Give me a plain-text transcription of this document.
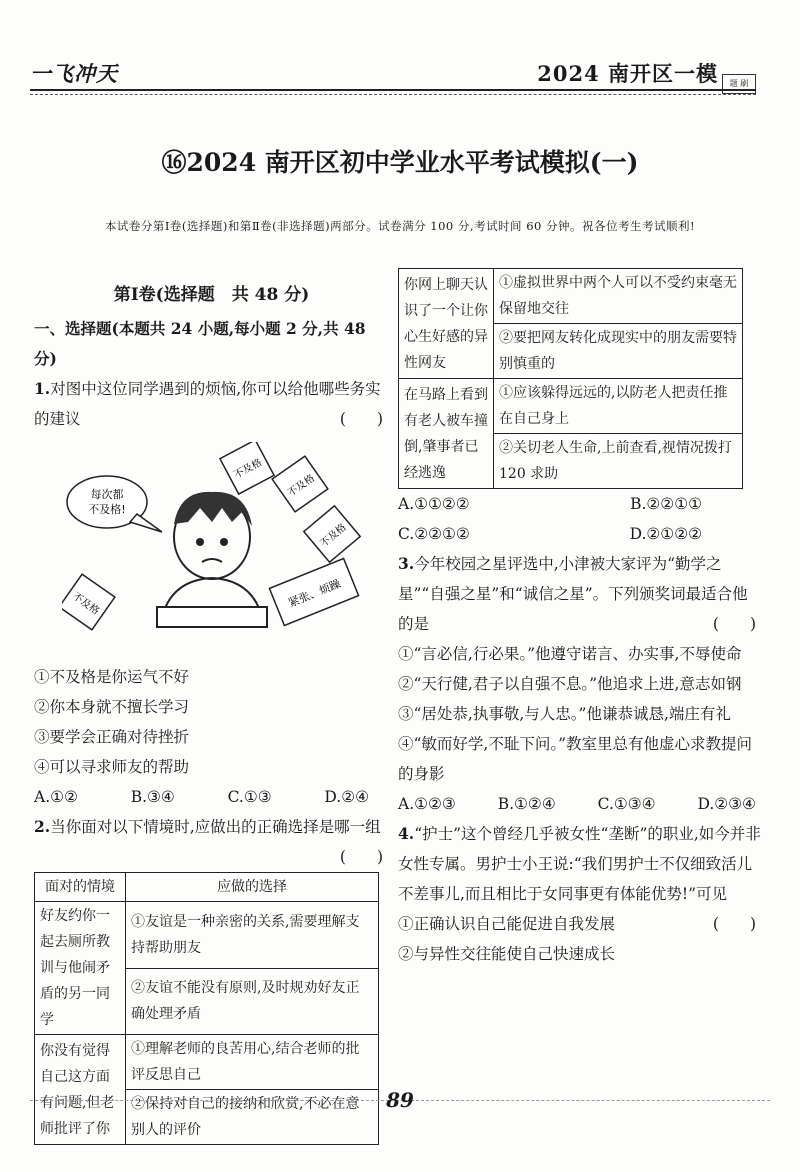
一飞冲天	2024 南开区一模	题 刷
⑯2024 南开区初中学业水平考试模拟(一)
本试卷分第Ⅰ卷(选择题)和第Ⅱ卷(非选择题)两部分。试卷满分 100 分,考试时间 60 分钟。祝各位考生考试顺利!
第Ⅰ卷(选择题　共 48 分)
一、选择题(本题共 24 小题,每小题 2 分,共 48 分)
1.对图中这位同学遇到的烦恼,你可以给他哪些务实的建议	(　　)
每次都
不及格!
不及格
不及格
不及格
不及格	紧张、烦躁
①不及格是你运气不好
②你本身就不擅长学习
③要学会正确对待挫折
④可以寻求师友的帮助
A.①②	B.③④	C.①③	D.②④
2.当你面对以下情境时,应做出的正确选择是哪一组
(　　)
面对的情境	应做的选择
好友约你一起去厕所教训与他闹矛盾的另一同学	①友谊是一种亲密的关系,需要理解支持帮助朋友
	②友谊不能没有原则,及时规劝好友正确处理矛盾
你没有觉得自己这方面有问题,但老师批评了你	①理解老师的良苦用心,结合老师的批评反思自己
	②保持对自己的接纳和欣赏,不必在意别人的评价
你网上聊天认识了一个让你心生好感的异性网友	①虚拟世界中两个人可以不受约束毫无保留地交往
	②要把网友转化成现实中的朋友需要特别慎重的
在马路上看到有老人被车撞倒,肇事者已经逃逸	①应该躲得远远的,以防老人把责任推在自己身上
	②关切老人生命,上前查看,视情况拨打 120 求助
A.①①②②	B.②②①①
C.②②①②	D.②①②②
3.今年校园之星评选中,小津被大家评为“勤学之星”“自强之星”和“诚信之星”。下列颁奖词最适合他的是	(　　)
①“言必信,行必果。”他遵守诺言、办实事,不辱使命
②“天行健,君子以自强不息。”他追求上进,意志如钢
③“居处恭,执事敬,与人忠。”他谦恭诚恳,端庄有礼
④“敏而好学,不耻下问。”教室里总有他虚心求教提问的身影
A.①②③	B.①②④	C.①③④	D.②③④
4.“护士”这个曾经几乎被女性“垄断”的职业,如今并非女性专属。男护士小王说:“我们男护士不仅细致活儿不差事儿,而且相比于女同事更有体能优势!”可见
(　　)
①正确认识自己能促进自我发展
②与异性交往能使自己快速成长
89
